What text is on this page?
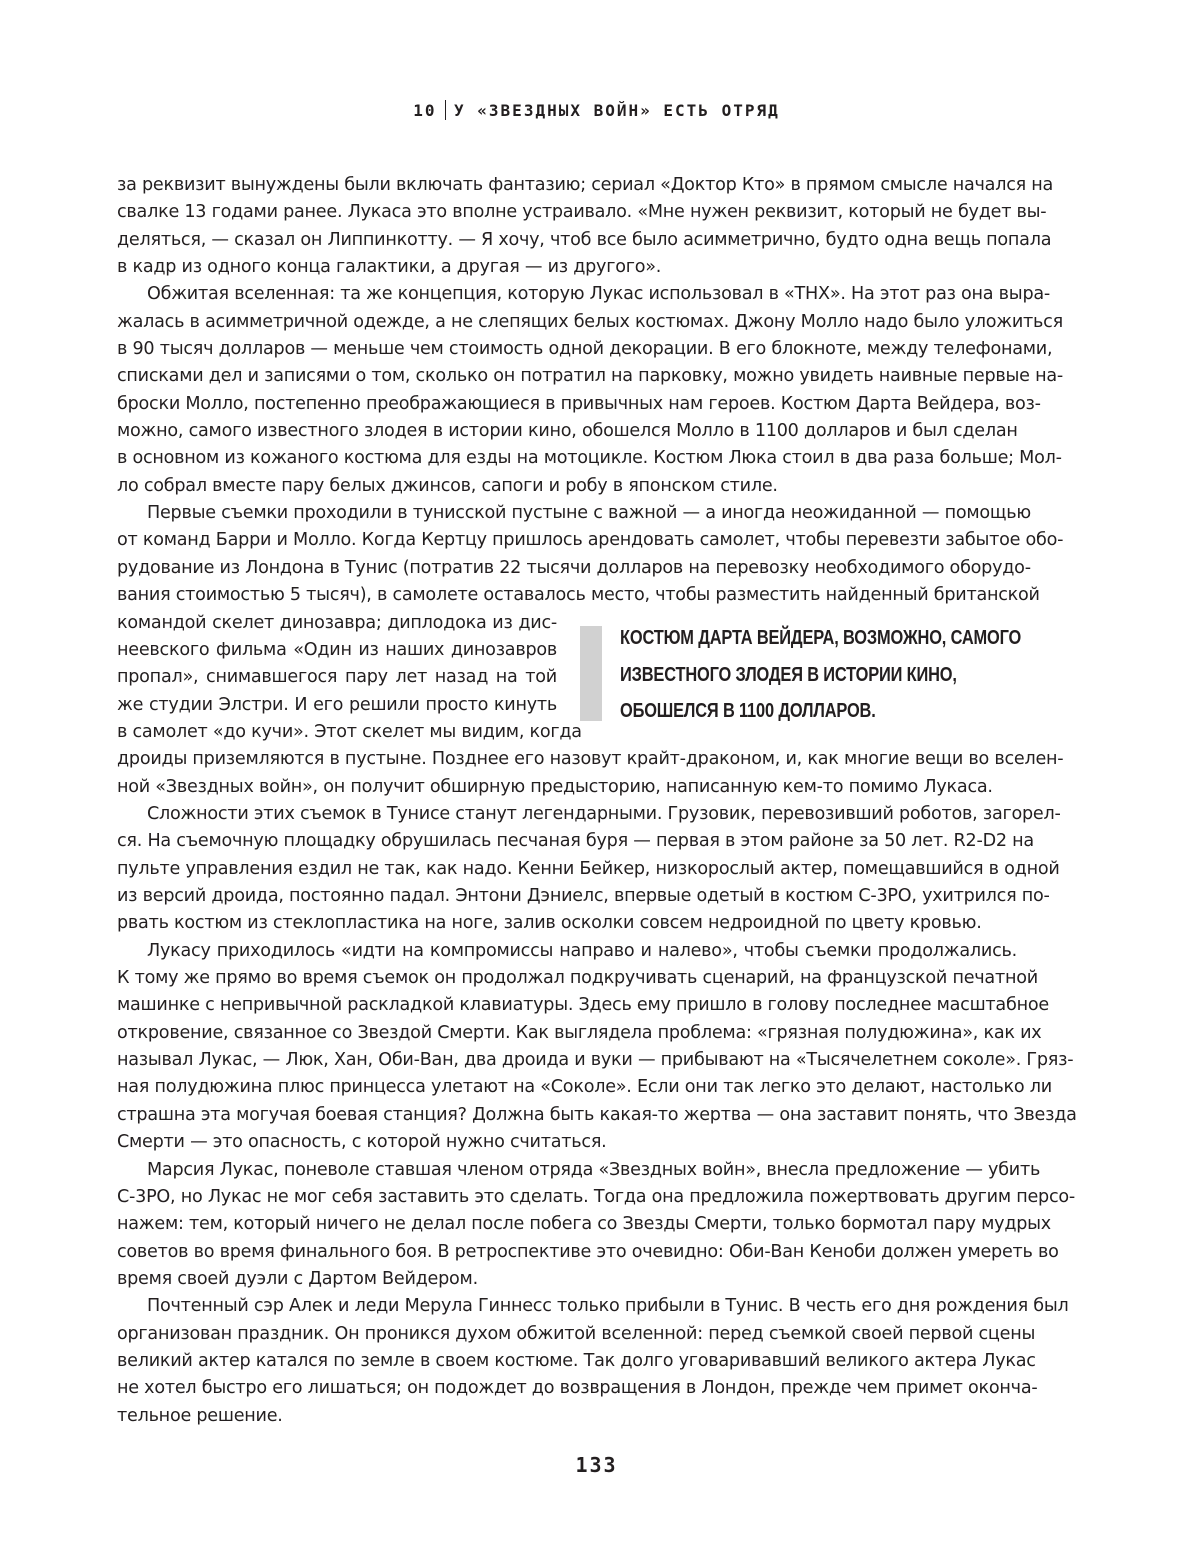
10 У «ЗВЕЗДНЫХ ВОЙН» ЕСТЬ ОТРЯД
за реквизит вынуждены были включать фантазию; сериал «Доктор Кто» в прямом смысле начался на
свалке 13 годами ранее. Лукаса это вполне устраивало. «Мне нужен реквизит, который не будет вы-
деляться, — сказал он Липпинкотту. — Я хочу, чтоб все было асимметрично, будто одна вещь попала
в кадр из одного конца галактики, а другая — из другого».
Обжитая вселенная: та же концепция, которую Лукас использовал в «THX». На этот раз она выра-
жалась в асимметричной одежде, а не слепящих белых костюмах. Джону Молло надо было уложиться
в 90 тысяч долларов — меньше чем стоимость одной декорации. В его блокноте, между телефонами,
списками дел и записями о том, сколько он потратил на парковку, можно увидеть наивные первые на-
броски Молло, постепенно преображающиеся в привычных нам героев. Костюм Дарта Вейдера, воз-
можно, самого известного злодея в истории кино, обошелся Молло в 1100 долларов и был сделан
в основном из кожаного костюма для езды на мотоцикле. Костюм Люка стоил в два раза больше; Мол-
ло собрал вместе пару белых джинсов, сапоги и робу в японском стиле.
Первые съемки проходили в тунисской пустыне с важной — а иногда неожиданной — помощью
от команд Барри и Молло. Когда Кертцу пришлось арендовать самолет, чтобы перевезти забытое обо-
рудование из Лондона в Тунис (потратив 22 тысячи долларов на перевозку необходимого оборудо-
вания стоимостью 5 тысяч), в самолете оставалось место, чтобы разместить найденный британской
командой скелет динозавра; диплодока из дис-
неевского фильма «Один из наших динозавров
пропал», снимавшегося пару лет назад на той
же студии Элстри. И его решили просто кинуть
в самолет «до кучи». Этот скелет мы видим, когда
КОСТЮМ ДАРТА ВЕЙДЕРА, ВОЗМОЖНО, САМОГО
ИЗВЕСТНОГО ЗЛОДЕЯ В ИСТОРИИ КИНО,
ОБОШЕЛСЯ В 1100 ДОЛЛАРОВ.
дроиды приземляются в пустыне. Позднее его назовут крайт-драконом, и, как многие вещи во вселен-
ной «Звездных войн», он получит обширную предысторию, написанную кем-то помимо Лукаса.
Сложности этих съемок в Тунисе станут легендарными. Грузовик, перевозивший роботов, загорел-
ся. На съемочную площадку обрушилась песчаная буря — первая в этом районе за 50 лет. R2-D2 на
пульте управления ездил не так, как надо. Кенни Бейкер, низкорослый актер, помещавшийся в одной
из версий дроида, постоянно падал. Энтони Дэниелс, впервые одетый в костюм C-3PO, ухитрился по-
рвать костюм из стеклопластика на ноге, залив осколки совсем недроидной по цвету кровью.
Лукасу приходилось «идти на компромиссы направо и налево», чтобы съемки продолжались.
К тому же прямо во время съемок он продолжал подкручивать сценарий, на французской печатной
машинке с непривычной раскладкой клавиатуры. Здесь ему пришло в голову последнее масштабное
откровение, связанное со Звездой Смерти. Как выглядела проблема: «грязная полудюжина», как их
называл Лукас, — Люк, Хан, Оби-Ван, два дроида и вуки — прибывают на «Тысячелетнем соколе». Гряз-
ная полудюжина плюс принцесса улетают на «Соколе». Если они так легко это делают, настолько ли
страшна эта могучая боевая станция? Должна быть какая-то жертва — она заставит понять, что Звезда
Смерти — это опасность, с которой нужно считаться.
Марсия Лукас, поневоле ставшая членом отряда «Звездных войн», внесла предложение — убить
C-3PO, но Лукас не мог себя заставить это сделать. Тогда она предложила пожертвовать другим персо-
нажем: тем, который ничего не делал после побега со Звезды Смерти, только бормотал пару мудрых
советов во время финального боя. В ретроспективе это очевидно: Оби-Ван Кеноби должен умереть во
время своей дуэли с Дартом Вейдером.
Почтенный сэр Алек и леди Мерула Гиннесс только прибыли в Тунис. В честь его дня рождения был
организован праздник. Он проникся духом обжитой вселенной: перед съемкой своей первой сцены
великий актер катался по земле в своем костюме. Так долго уговаривавший великого актера Лукас
не хотел быстро его лишаться; он подождет до возвращения в Лондон, прежде чем примет оконча-
тельное решение.
133
